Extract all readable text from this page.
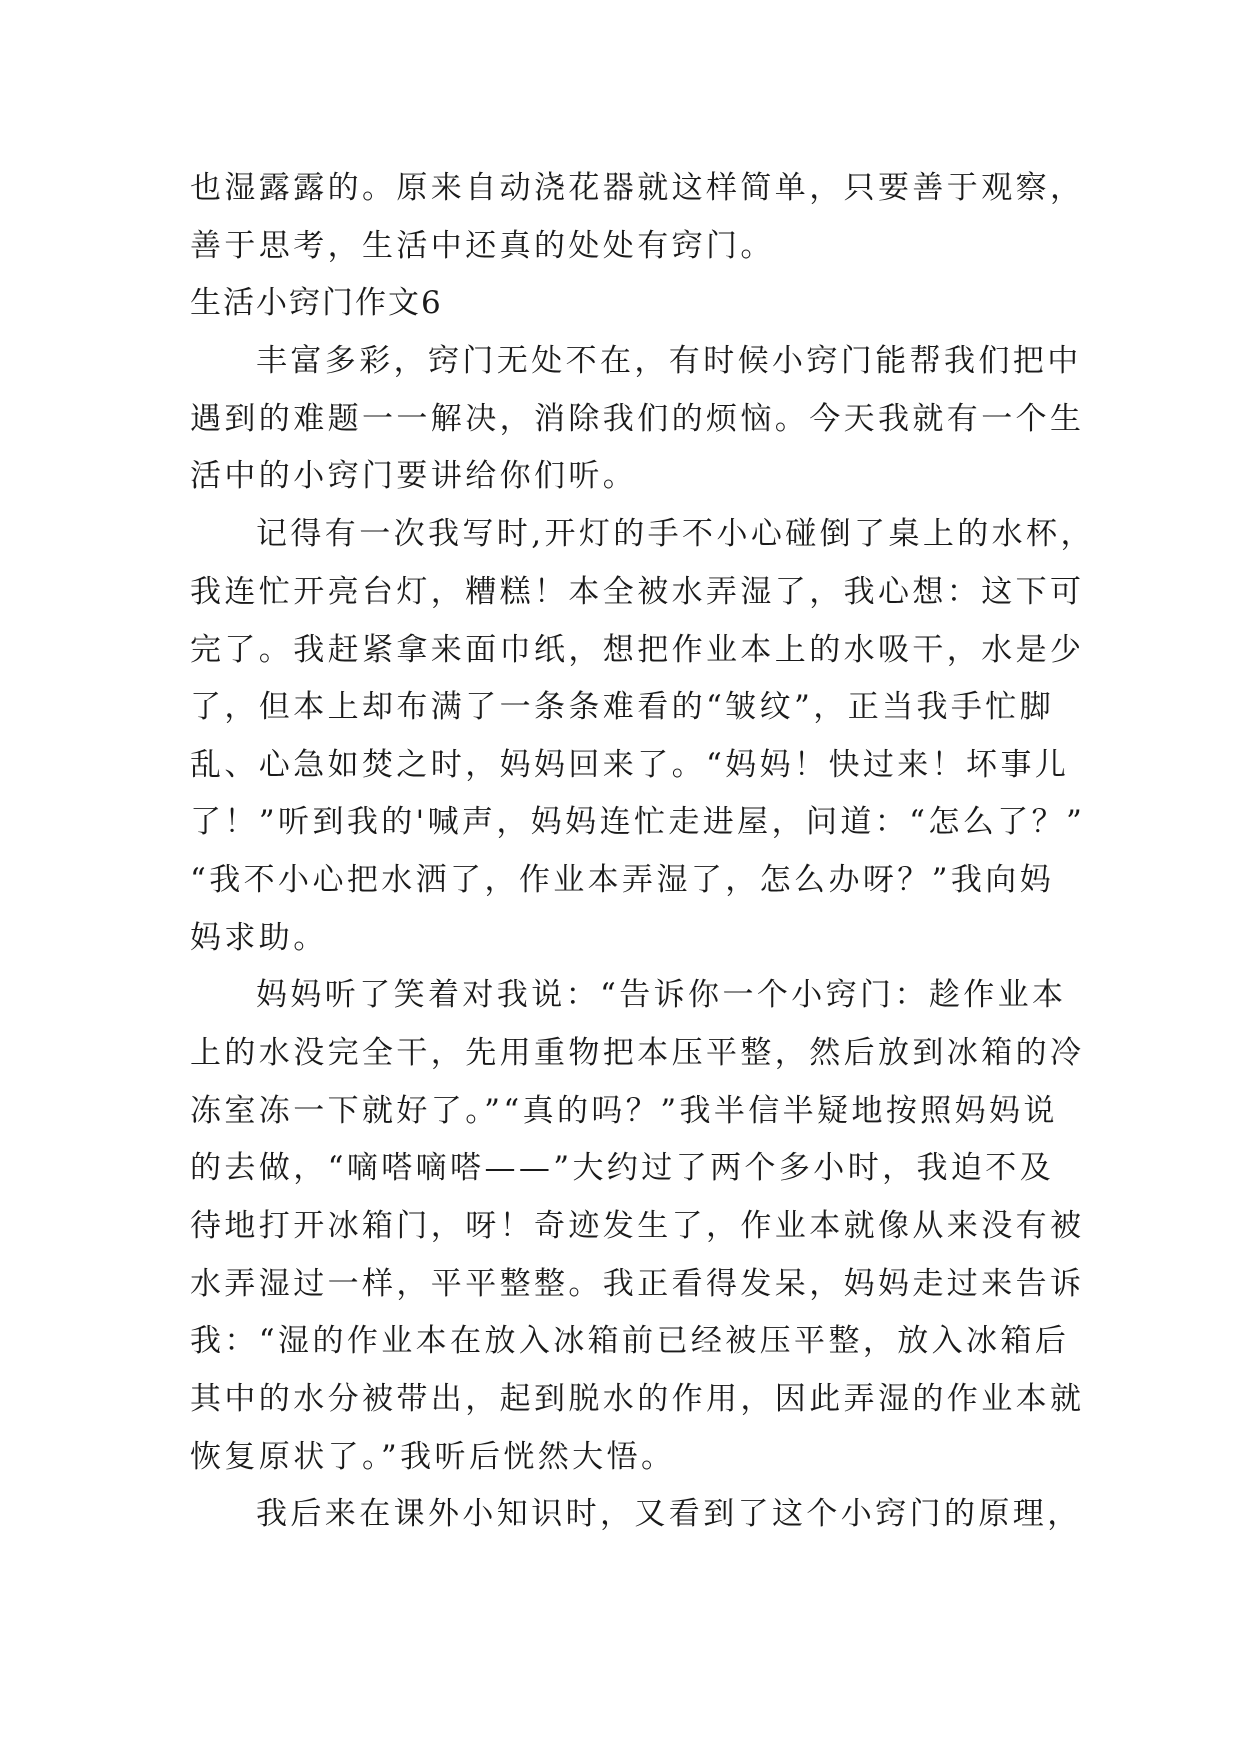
也湿露露的。原来自动浇花器就这样简单，只要善于观察，
善于思考，生活中还真的处处有窍门。
生活小窍门作文6
丰富多彩，窍门无处不在，有时候小窍门能帮我们把中
遇到的难题一一解决，消除我们的烦恼。今天我就有一个生
活中的小窍门要讲给你们听。
记得有一次我写时,开灯的手不小心碰倒了桌上的水杯，
我连忙开亮台灯，糟糕！本全被水弄湿了，我心想：这下可
完了。我赶紧拿来面巾纸，想把作业本上的水吸干，水是少
了，但本上却布满了一条条难看的“皱纹”，正当我手忙脚
乱、心急如焚之时，妈妈回来了。“妈妈！快过来！坏事儿
了！”听到我的'喊声，妈妈连忙走进屋，问道：“怎么了？”
“我不小心把水洒了，作业本弄湿了，怎么办呀？”我向妈
妈求助。
妈妈听了笑着对我说：“告诉你一个小窍门：趁作业本
上的水没完全干，先用重物把本压平整，然后放到冰箱的冷
冻室冻一下就好了。”“真的吗？”我半信半疑地按照妈妈说
的去做，“嘀嗒嘀嗒——”大约过了两个多小时，我迫不及
待地打开冰箱门，呀！奇迹发生了，作业本就像从来没有被
水弄湿过一样，平平整整。我正看得发呆，妈妈走过来告诉
我：“湿的作业本在放入冰箱前已经被压平整，放入冰箱后
其中的水分被带出，起到脱水的作用，因此弄湿的作业本就
恢复原状了。”我听后恍然大悟。
我后来在课外小知识时，又看到了这个小窍门的原理，
